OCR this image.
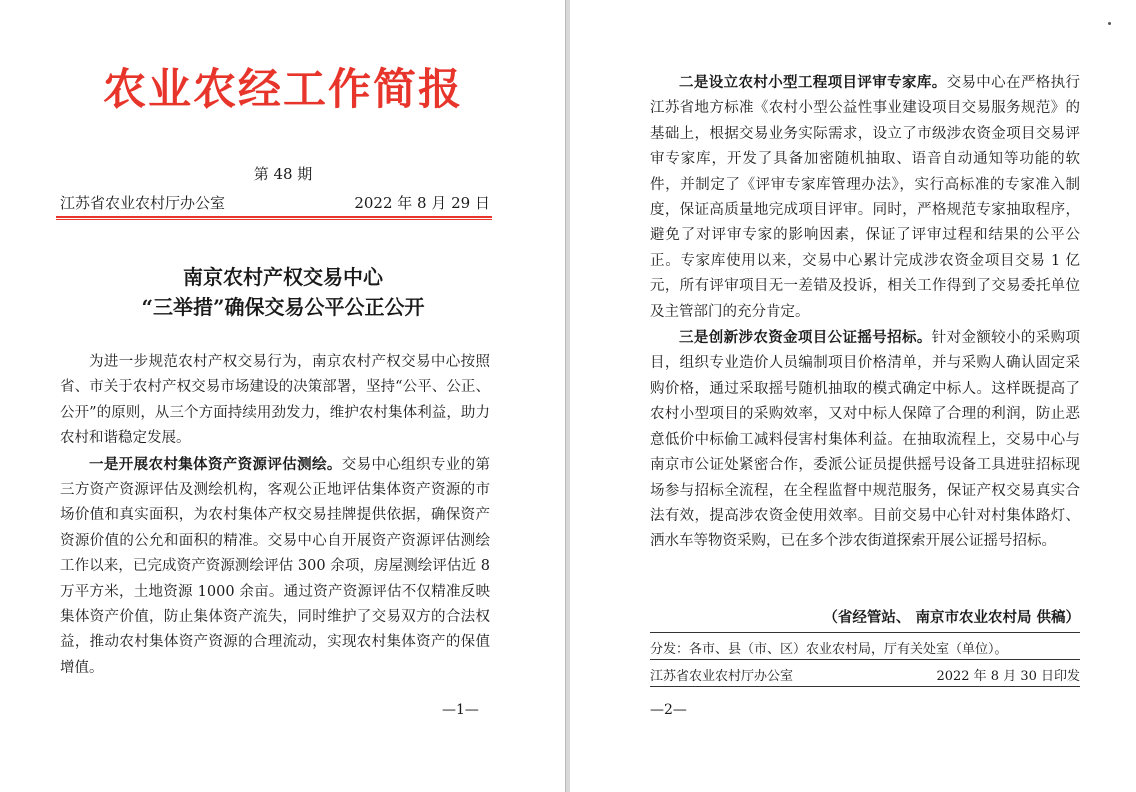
农业农经工作简报
第 48 期
江苏省农业农村厅办公室	2022 年 8 月 29 日
南京农村产权交易中心
“三举措”确保交易公平公正公开

为进一步规范农村产权交易行为，南京农村产权交易中心按照省、市关于农村产权交易市场建设的决策部署，坚持“公平、公正、公开”的原则，从三个方面持续用劲发力，维护农村集体利益，助力农村和谐稳定发展。

一是开展农村集体资产资源评估测绘。交易中心组织专业的第三方资产资源评估及测绘机构，客观公正地评估集体资产资源的市场价值和真实面积，为农村集体产权交易挂牌提供依据，确保资产资源价值的公允和面积的精准。交易中心自开展资产资源评估测绘工作以来，已完成资产资源测绘评估 300 余项，房屋测绘评估近 8 万平方米，土地资源 1000 余亩。通过资产资源评估不仅精准反映集体资产价值，防止集体资产流失，同时维护了交易双方的合法权益，推动农村集体资产资源的合理流动，实现农村集体资产的保值增值。

—1—

二是设立农村小型工程项目评审专家库。交易中心在严格执行江苏省地方标准《农村小型公益性事业建设项目交易服务规范》的基础上，根据交易业务实际需求，设立了市级涉农资金项目交易评审专家库，开发了具备加密随机抽取、语音自动通知等功能的软件，并制定了《评审专家库管理办法》，实行高标准的专家准入制度，保证高质量地完成项目评审。同时，严格规范专家抽取程序，避免了对评审专家的影响因素，保证了评审过程和结果的公平公正。专家库使用以来，交易中心累计完成涉农资金项目交易 1 亿元，所有评审项目无一差错及投诉，相关工作得到了交易委托单位及主管部门的充分肯定。

三是创新涉农资金项目公证摇号招标。针对金额较小的采购项目，组织专业造价人员编制项目价格清单，并与采购人确认固定采购价格，通过采取摇号随机抽取的模式确定中标人。这样既提高了农村小型项目的采购效率，又对中标人保障了合理的利润，防止恶意低价中标偷工减料侵害村集体利益。在抽取流程上，交易中心与南京市公证处紧密合作，委派公证员提供摇号设备工具进驻招标现场参与招标全流程，在全程监督中规范服务，保证产权交易真实合法有效，提高涉农资金使用效率。目前交易中心针对村集体路灯、洒水车等物资采购，已在多个涉农街道探索开展公证摇号招标。

（省经管站、 南京市农业农村局 供稿）
分发：各市、县（市、区）农业农村局，厅有关处室（单位）。
江苏省农业农村厅办公室	2022 年 8 月 30 日印发
—2—
